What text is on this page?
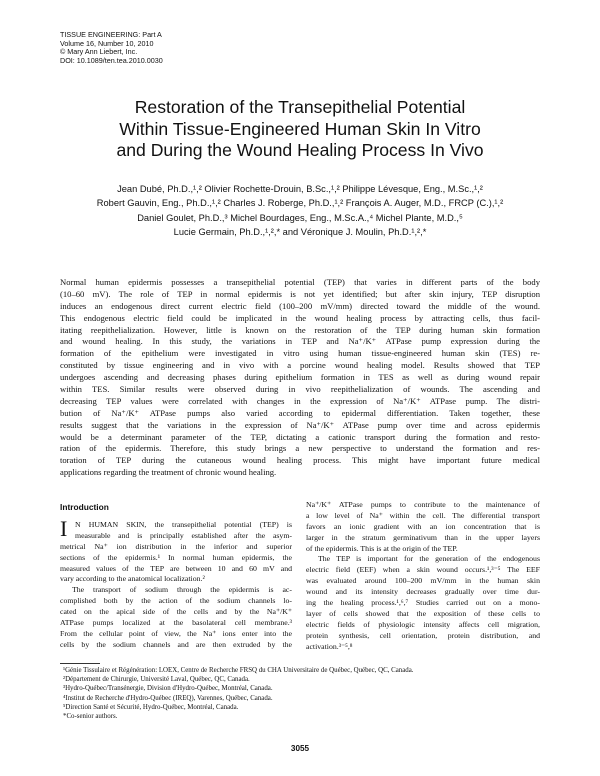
TISSUE ENGINEERING: Part A
Volume 16, Number 10, 2010
© Mary Ann Liebert, Inc.
DOI: 10.1089/ten.tea.2010.0030
Restoration of the Transepithelial Potential
Within Tissue-Engineered Human Skin In Vitro
and During the Wound Healing Process In Vivo
Jean Dubé, Ph.D.,¹,² Olivier Rochette-Drouin, B.Sc.,¹,² Philippe Lévesque, Eng., M.Sc.,¹,²
Robert Gauvin, Eng., Ph.D.,¹,² Charles J. Roberge, Ph.D.,¹,² François A. Auger, M.D., FRCP (C.),¹,²
Daniel Goulet, Ph.D.,³ Michel Bourdages, Eng., M.Sc.A.,⁴ Michel Plante, M.D.,⁵
Lucie Germain, Ph.D.,¹,²,* and Véronique J. Moulin, Ph.D.¹,²,*
Normal human epidermis possesses a transepithelial potential (TEP) that varies in different parts of the body
(10–60 mV). The role of TEP in normal epidermis is not yet identified; but after skin injury, TEP disruption
induces an endogenous direct current electric field (100–200 mV/mm) directed toward the middle of the wound.
This endogenous electric field could be implicated in the wound healing process by attracting cells, thus facil-
itating reepithelialization. However, little is known on the restoration of the TEP during human skin formation
and wound healing. In this study, the variations in TEP and Na⁺/K⁺ ATPase pump expression during the
formation of the epithelium were investigated in vitro using human tissue-engineered human skin (TES) re-
constituted by tissue engineering and in vivo with a porcine wound healing model. Results showed that TEP
undergoes ascending and decreasing phases during epithelium formation in TES as well as during wound repair
within TES. Similar results were observed during in vivo reepithelialization of wounds. The ascending and
decreasing TEP values were correlated with changes in the expression of Na⁺/K⁺ ATPase pump. The distri-
bution of Na⁺/K⁺ ATPase pumps also varied according to epidermal differentiation. Taken together, these
results suggest that the variations in the expression of Na⁺/K⁺ ATPase pump over time and across epidermis
would be a determinant parameter of the TEP, dictating a cationic transport during the formation and resto-
ration of the epidermis. Therefore, this study brings a new perspective to understand the formation and res-
toration of TEP during the cutaneous wound healing process. This might have important future medical
applications regarding the treatment of chronic wound healing.
Introduction
I N HUMAN SKIN, the transepithelial potential (TEP) is
measurable and is principally established after the asym-
metrical Na⁺ ion distribution in the inferior and superior
sections of the epidermis.¹ In normal human epidermis, the
measured values of the TEP are between 10 and 60 mV and
vary according to the anatomical localization.²
The transport of sodium through the epidermis is ac-
complished both by the action of the sodium channels lo-
cated on the apical side of the cells and by the Na⁺/K⁺
ATPase pumps localized at the basolateral cell membrane.³
From the cellular point of view, the Na⁺ ions enter into the
cells by the sodium channels and are then extruded by the
Na⁺/K⁺ ATPase pumps to contribute to the maintenance of
a low level of Na⁺ within the cell. The differential transport
favors an ionic gradient with an ion concentration that is
larger in the stratum germinativum than in the upper layers
of the epidermis. This is at the origin of the TEP.
The TEP is important for the generation of the endogenous
electric field (EEF) when a skin wound occurs.¹,³⁻⁵ The EEF
was evaluated around 100–200 mV/mm in the human skin
wound and its intensity decreases gradually over time dur-
ing the healing process.¹,⁶,⁷ Studies carried out on a mono-
layer of cells showed that the exposition of these cells to
electric fields of physiologic intensity affects cell migration,
protein synthesis, cell orientation, protein distribution, and
activation.³⁻⁵,⁸
¹Génie Tissulaire et Régénération: LOEX, Centre de Recherche FRSQ du CHA Universitaire de Québec, Québec, QC, Canada.
²Département de Chirurgie, Université Laval, Québec, QC, Canada.
³Hydro-Québec/Transénergie, Division d'Hydro-Québec, Montréal, Canada.
⁴Institut de Recherche d'Hydro-Québec (IREQ), Varennes, Québec, Canada.
⁵Direction Santé et Sécurité, Hydro-Québec, Montréal, Canada.
*Co-senior authors.
3055
